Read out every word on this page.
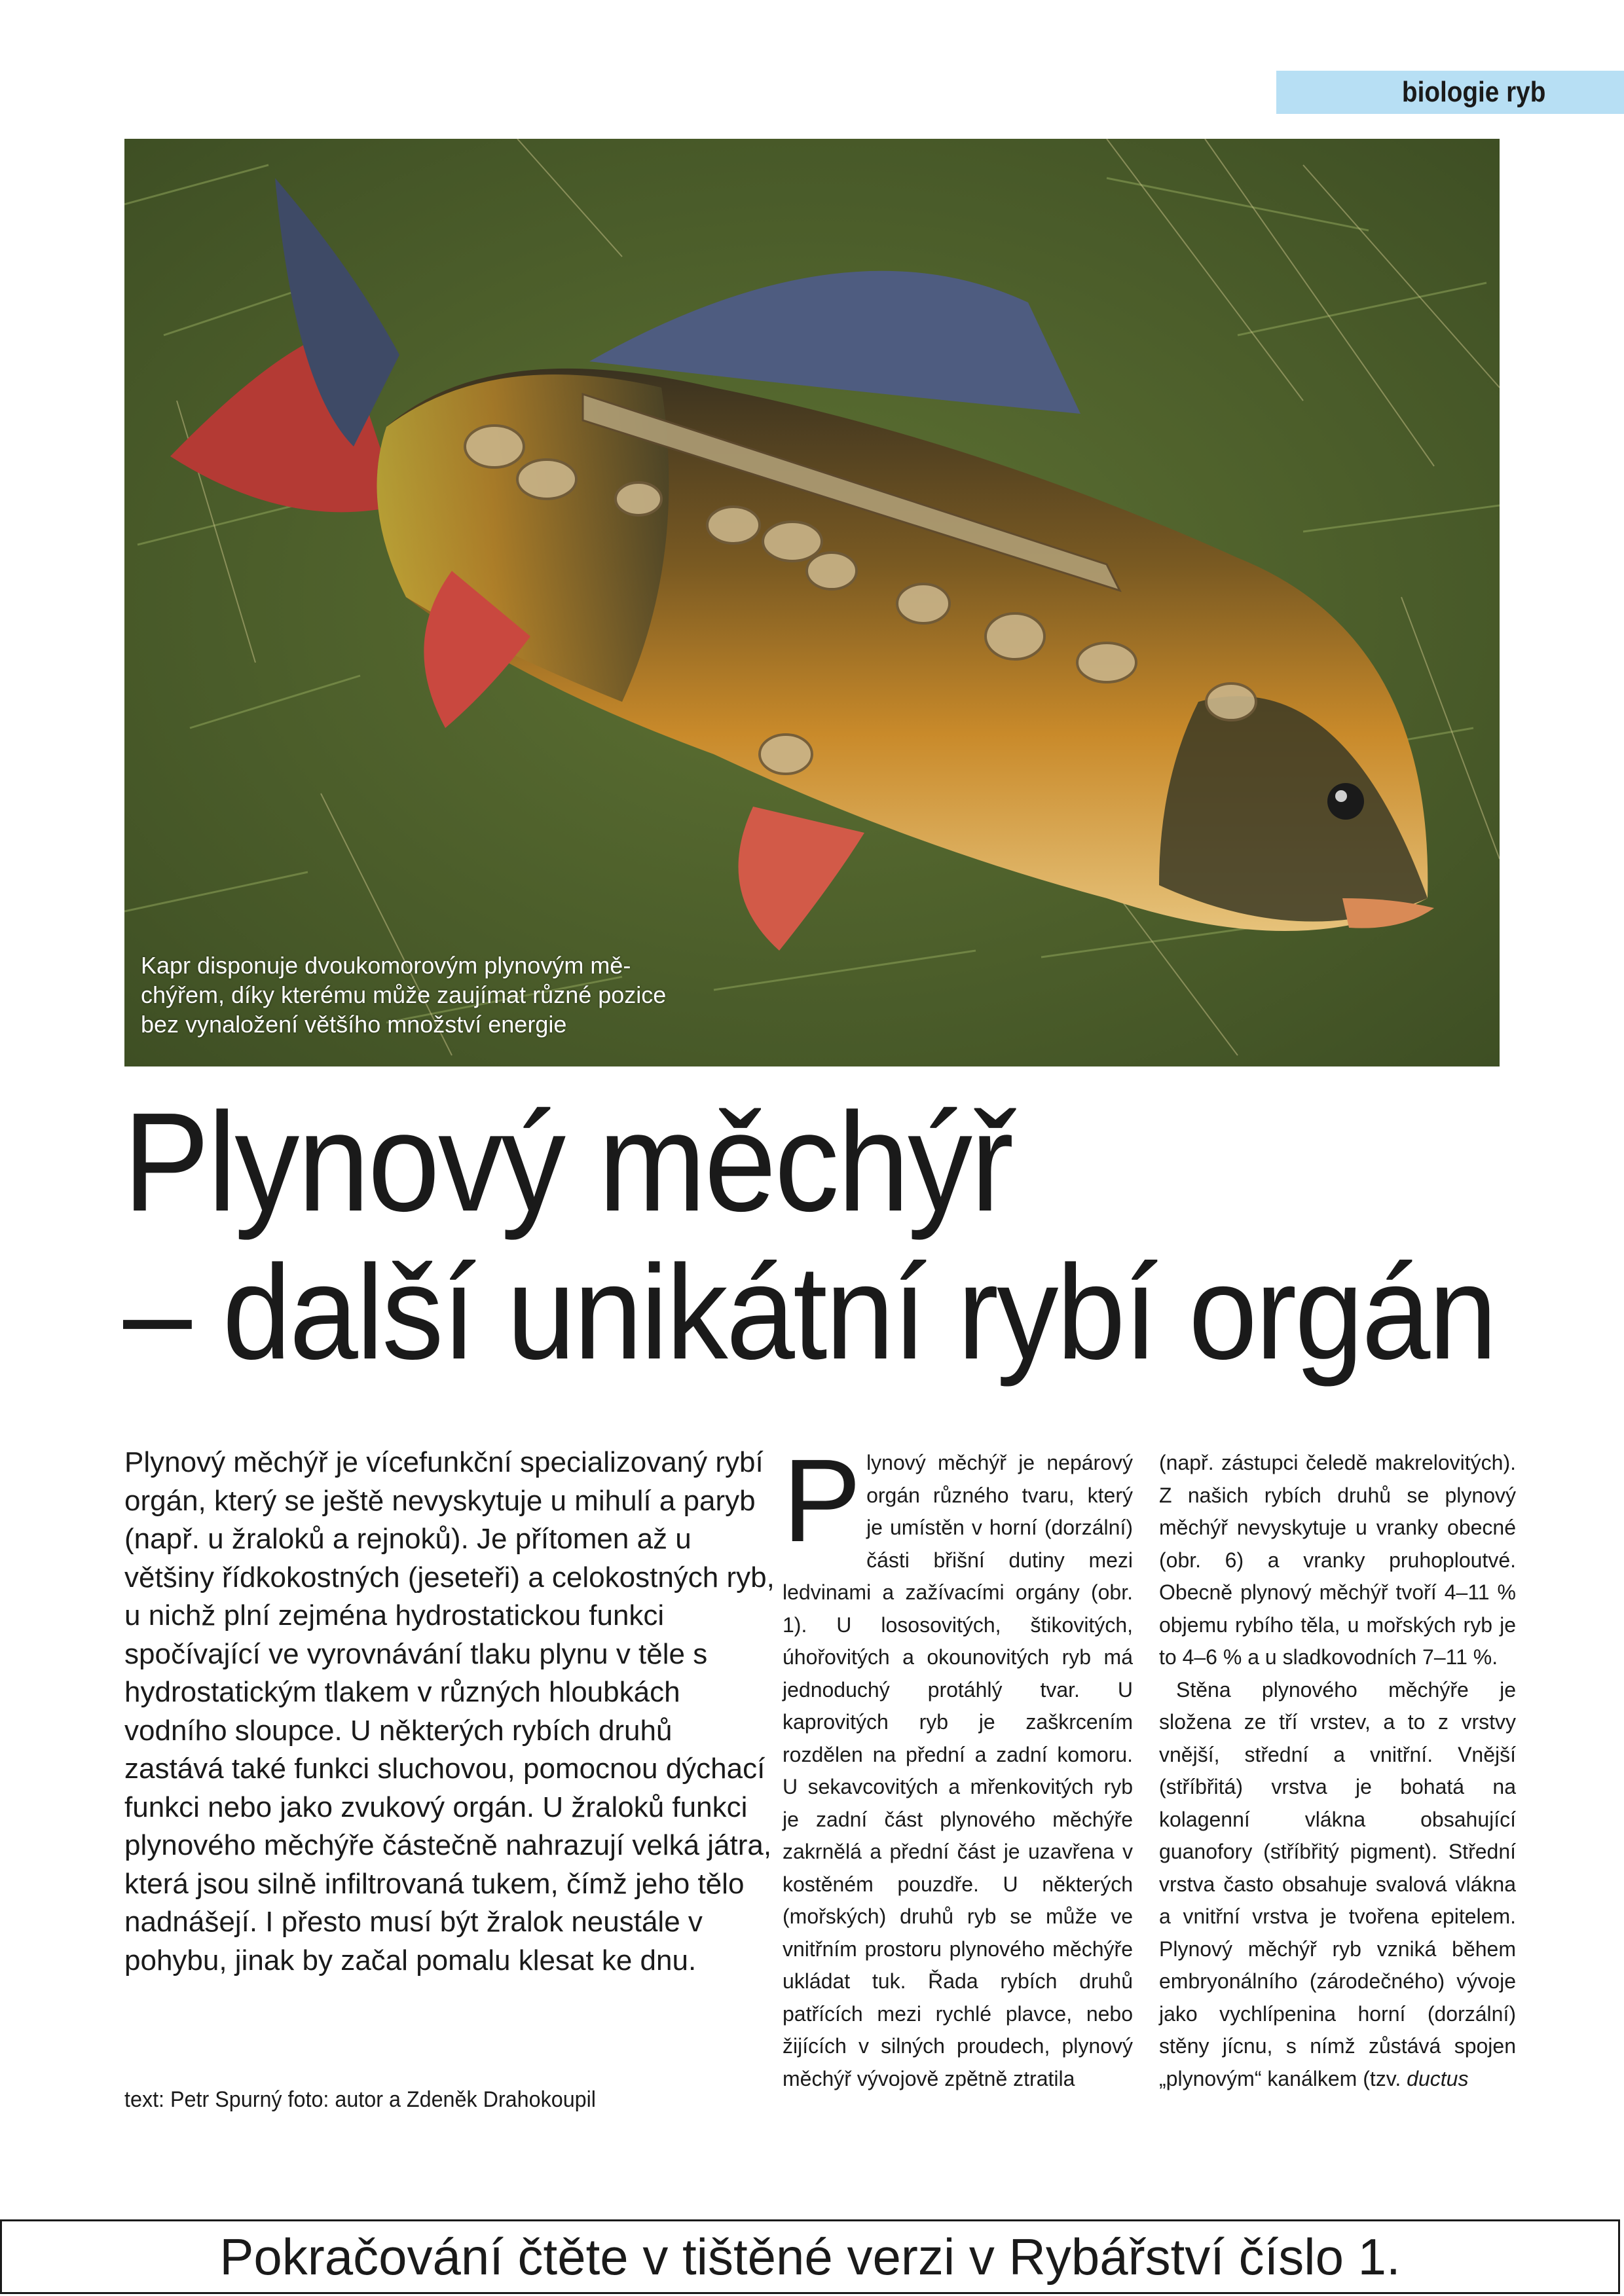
biologie ryb
Kapr disponuje dvoukomorovým plynovým mě-
chýřem, díky kterému může zaujímat různé pozice
bez vynaložení většího množství energie
Plynový měchýř
– další unikátní rybí orgán

Plynový měchýř je vícefunkční specializovaný rybí orgán, který se ještě nevyskytuje u mihulí a paryb (např. u žraloků a rejnoků). Je přítomen až u většiny řídkokostných (jeseteři) a celokostných ryb, u nichž plní zejména hydrostatickou funkci spočívající ve vyrovnávání tlaku plynu v těle s hydrostatickým tlakem v různých hloubkách vodního sloupce. U některých rybích druhů zastává také funkci sluchovou, pomocnou dýchací funkci nebo jako zvukový orgán. U žraloků funkci plynového měchýře částečně nahrazují velká játra, která jsou silně infiltrovaná tukem, čímž jeho tělo nadnášejí. I přesto musí být žralok neustále v pohybu, jinak by začal pomalu klesat ke dnu.

text: Petr Spurný foto: autor a Zdeněk Drahokoupil
P lynový měchýř je nepárový orgán různého tvaru, který je umístěn v horní (dorzální) části břišní dutiny mezi ledvinami a zažívacími orgány (obr. 1). U lososovitých, štikovitých, úhořovitých a okounovitých ryb má jednoduchý protáhlý tvar. U kaprovitých ryb je zaškrcením rozdělen na přední a zadní komoru. U sekavcovitých a mřenkovitých ryb je zadní část plynového měchýře zakrnělá a přední část je uzavřena v kostěném pouzdře. U některých (mořských) druhů ryb se může ve vnitřním prostoru plynového měchýře ukládat tuk. Řada rybích druhů patřících mezi rychlé plavce, nebo žijících v silných proudech, plynový měchýř vývojově zpětně ztratila

(např. zástupci čeledě makrelovitých). Z našich rybích druhů se plynový měchýř nevyskytuje u vranky obecné (obr. 6) a vranky pruhoploutvé. Obecně plynový měchýř tvoří 4–11 % objemu rybího těla, u mořských ryb je to 4–6 % a u sladkovodních 7–11 %.

Stěna plynového měchýře je složena ze tří vrstev, a to z vrstvy vnější, střední a vnitřní. Vnější (stříbřitá) vrstva je bohatá na kolagenní vlákna obsahující guanofory (stříbřitý pigment). Střední vrstva často obsahuje svalová vlákna a vnitřní vrstva je tvořena epitelem. Plynový měchýř ryb vzniká během embryonálního (zárodečného) vývoje jako vychlípenina horní (dorzální) stěny jícnu, s nímž zůstává spojen „plynovým“ kanálkem (tzv. ductus

Pokračování čtěte v tištěné verzi v Rybářství číslo 1.
